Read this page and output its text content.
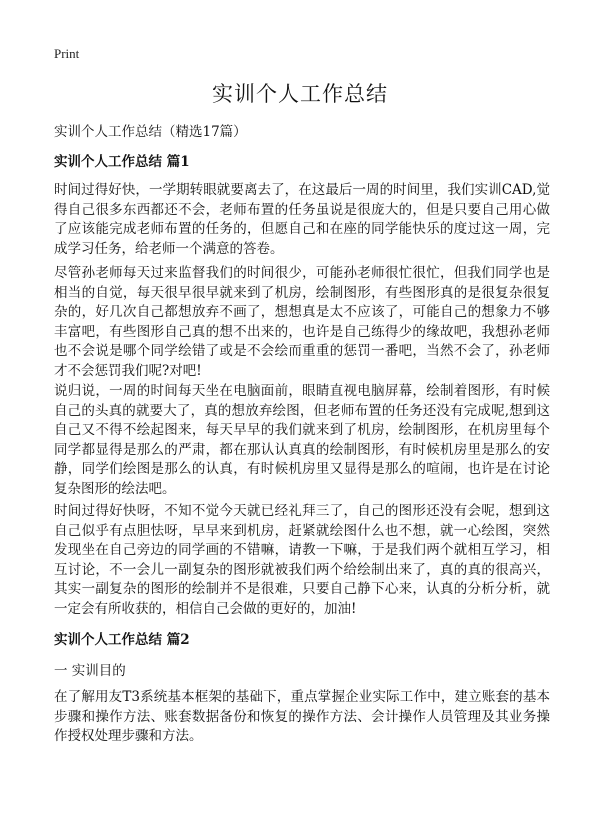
Print
实训个人工作总结

实训个人工作总结（精选17篇）

实训个人工作总结 篇1

时间过得好快，一学期转眼就要离去了，在这最后一周的时间里，我们实训CAD,觉得自己很多东西都还不会，老师布置的任务虽说是很庞大的，但是只要自己用心做了应该能完成老师布置的任务的，但愿自己和在座的同学能快乐的度过这一周，完成学习任务，给老师一个满意的答卷。

尽管孙老师每天过来监督我们的时间很少，可能孙老师很忙很忙，但我们同学也是相当的自觉，每天很早很早就来到了机房，绘制图形，有些图形真的是很复杂很复杂的，好几次自己都想放弃不画了，想想真是太不应该了，可能自己的想象力不够丰富吧，有些图形自己真的想不出来的，也许是自己练得少的缘故吧，我想孙老师也不会说是哪个同学绘错了或是不会绘而重重的惩罚一番吧，当然不会了，孙老师才不会惩罚我们呢?对吧!

说归说，一周的时间每天坐在电脑面前，眼睛直视电脑屏幕，绘制着图形，有时候自己的头真的就要大了，真的想放弃绘图，但老师布置的任务还没有完成呢,想到这自己又不得不绘起图来，每天早早的我们就来到了机房，绘制图形，在机房里每个同学都显得是那么的严肃，都在那认认真真的绘制图形，有时候机房里是那么的安静，同学们绘图是那么的认真，有时候机房里又显得是那么的喧闹，也许是在讨论复杂图形的绘法吧。

时间过得好快呀，不知不觉今天就已经礼拜三了，自己的图形还没有会呢，想到这自己似乎有点胆怯呀，早早来到机房，赶紧就绘图什么也不想，就一心绘图，突然发现坐在自己旁边的同学画的不错嘛，请教一下嘛，于是我们两个就相互学习，相互讨论，不一会儿一副复杂的图形就被我们两个给绘制出来了，真的真的很高兴，其实一副复杂的图形的绘制并不是很难，只要自己静下心来，认真的分析分析，就一定会有所收获的，相信自己会做的更好的，加油!

实训个人工作总结 篇2

一 实训目的

在了解用友T3系统基本框架的基础下，重点掌握企业实际工作中，建立账套的基本步骤和操作方法、账套数据备份和恢复的操作方法、会计操作人员管理及其业务操作授权处理步骤和方法。
